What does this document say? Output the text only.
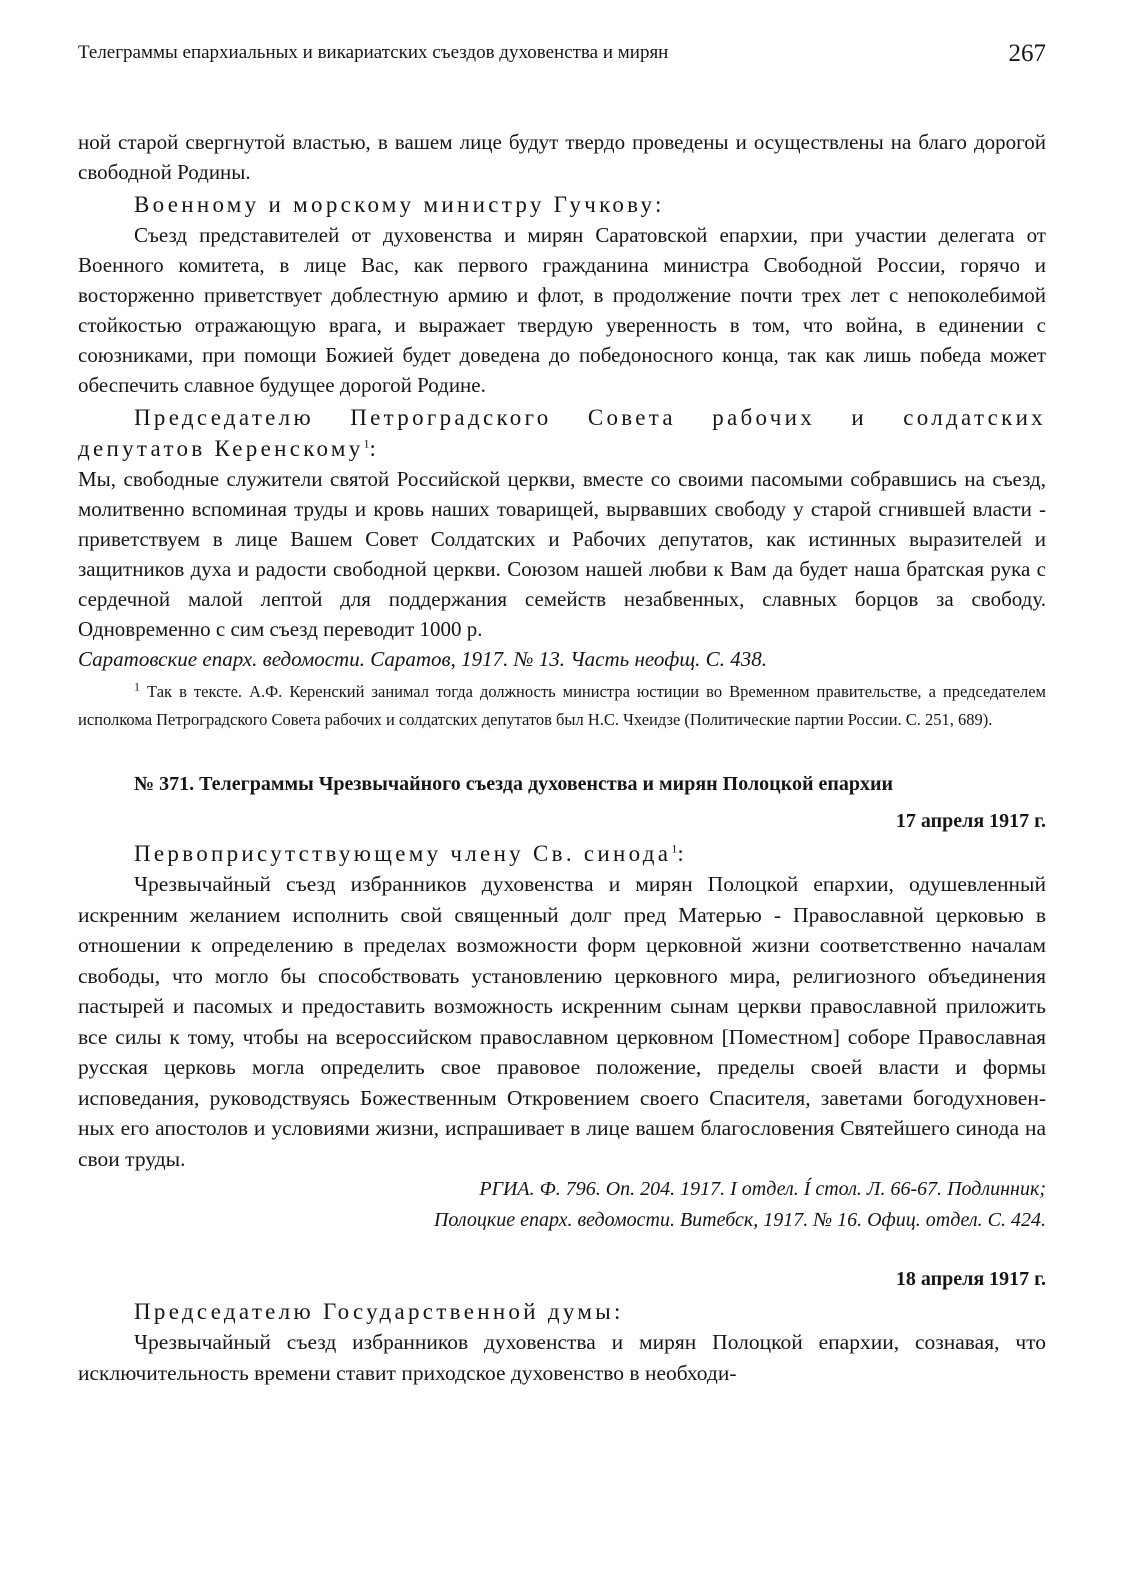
Телеграммы епархиальных и викариатских съездов духовенства и мирян	267

ной старой свергнутой властью, в вашем лице будут твердо проведены и осуществлены на благо дорогой свободной Родины.

Военному и морскому министру Гучкову:

Съезд представителей от духовенства и мирян Саратовской епархии, при участии делегата от Военного комитета, в лице Вас, как первого гражданина министра Свободной России, горячо и восторженно приветствует доблестную армию и флот, в продолжение почти трех лет с непоколебимой стойкостью отражающую врага, и выражает твердую уверенность в том, что война, в единении с союзниками, при помощи Божией будет доведена до победоносного конца, так как лишь победа может обеспечить славное будущее дорогой Родине.

Председателю Петроградского Совета рабочих и солдатских

депутатов Керенскому$^1$:

Мы, свободные служители святой Российской церкви, вместе со своими пасомыми собравшись на съезд, молитвенно вспоминая труды и кровь наших товарищей, вырвавших свободу у старой сгнившей власти - приветствуем в лице Вашем Совет Солдатских и Рабочих депутатов, как истинных выразителей и защитников духа и радости свободной церкви. Союзом нашей любви к Вам да будет наша братская рука с сердечной малой лептой для поддержания семейств незабвенных, славных борцов за свободу. Одновременно с сим съезд переводит 1000 р.

Саратовские епарх. ведомости. Саратов, 1917. № 13. Часть неофщ. С. 438.

$^1$ Так в тексте. А.Ф. Керенский занимал тогда должность министра юстиции во Временном правительстве, а председателем исполкома Петроградского Совета рабочих и солдатских депутатов был Н.С. Чхеидзе (Политические партии России. С. 251, 689).

№ 371. Телеграммы Чрезвычайного съезда духовенства и мирян Полоцкой епархии

17 апреля 1917 г.

Первоприсутствующему члену Св. синода$^1$:

Чрезвычайный съезд избранников духовенства и мирян Полоцкой епархии, одушевленный искренним желанием исполнить свой священный долг пред Матерью - Православной церковью в отношении к определению в пределах возможности форм церковной жизни соответственно началам свободы, что могло бы способствовать установлению церковного мира, религиозного объединения пастырей и пасомых и предоставить возможность искренним сынам церкви православной приложить все силы к тому, чтобы на всероссийском православном церковном [Поместном] соборе Православная русская церковь могла определить свое правовое положение, пределы своей власти и формы исповедания, руководствуясь Божественным Откровением своего Спасителя, заветами богодухновен-ных его апостолов и условиями жизни, испрашивает в лице вашем благословения Святейшего синода на свои труды.

РГИА. Ф. 796. Оп. 204. 1917. I отдел. Í стол. Л. 66-67. Подлинник;

Полоцкие епарх. ведомости. Витебск, 1917. № 16. Офиц. отдел. С. 424.

18 апреля 1917 г.

Председателю Государственной думы:

Чрезвычайный съезд избранников духовенства и мирян Полоцкой епархии, сознавая, что исключительность времени ставит приходское духовенство в необходи-
